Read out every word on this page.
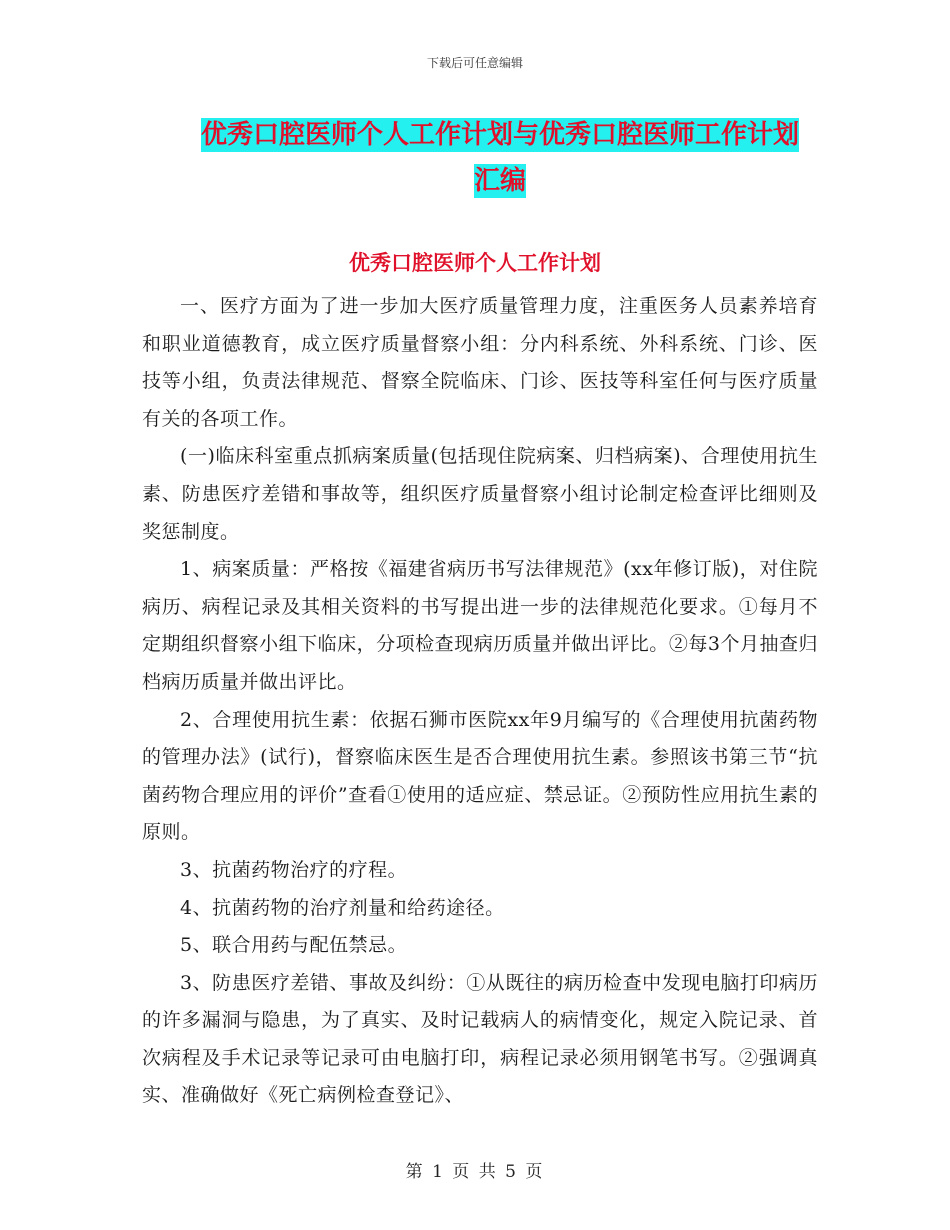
下载后可任意编辑
优秀口腔医师个人工作计划与优秀口腔医师工作计划
汇编
优秀口腔医师个人工作计划

一、医疗方面为了进一步加大医疗质量管理力度，注重医务人员素养培育和职业道德教育，成立医疗质量督察小组：分内科系统、外科系统、门诊、医技等小组，负责法律规范、督察全院临床、门诊、医技等科室任何与医疗质量有关的各项工作。

(一)临床科室重点抓病案质量(包括现住院病案、归档病案)、合理使用抗生素、防患医疗差错和事故等，组织医疗质量督察小组讨论制定检查评比细则及奖惩制度。

1、病案质量：严格按《福建省病历书写法律规范》(xx年修订版)，对住院病历、病程记录及其相关资料的书写提出进一步的法律规范化要求。①每月不定期组织督察小组下临床，分项检查现病历质量并做出评比。②每3个月抽查归档病历质量并做出评比。

2、合理使用抗生素：依据石狮市医院xx年9月编写的《合理使用抗菌药物的管理办法》(试行)，督察临床医生是否合理使用抗生素。参照该书第三节“抗菌药物合理应用的评价”查看①使用的适应症、禁忌证。②预防性应用抗生素的原则。

3、抗菌药物治疗的疗程。

4、抗菌药物的治疗剂量和给药途径。

5、联合用药与配伍禁忌。

3、防患医疗差错、事故及纠纷：①从既往的病历检查中发现电脑打印病历的许多漏洞与隐患，为了真实、及时记载病人的病情变化，规定入院记录、首次病程及手术记录等记录可由电脑打印，病程记录必须用钢笔书写。②强调真实、准确做好《死亡病例检查登记》、

第 1 页 共 5 页
